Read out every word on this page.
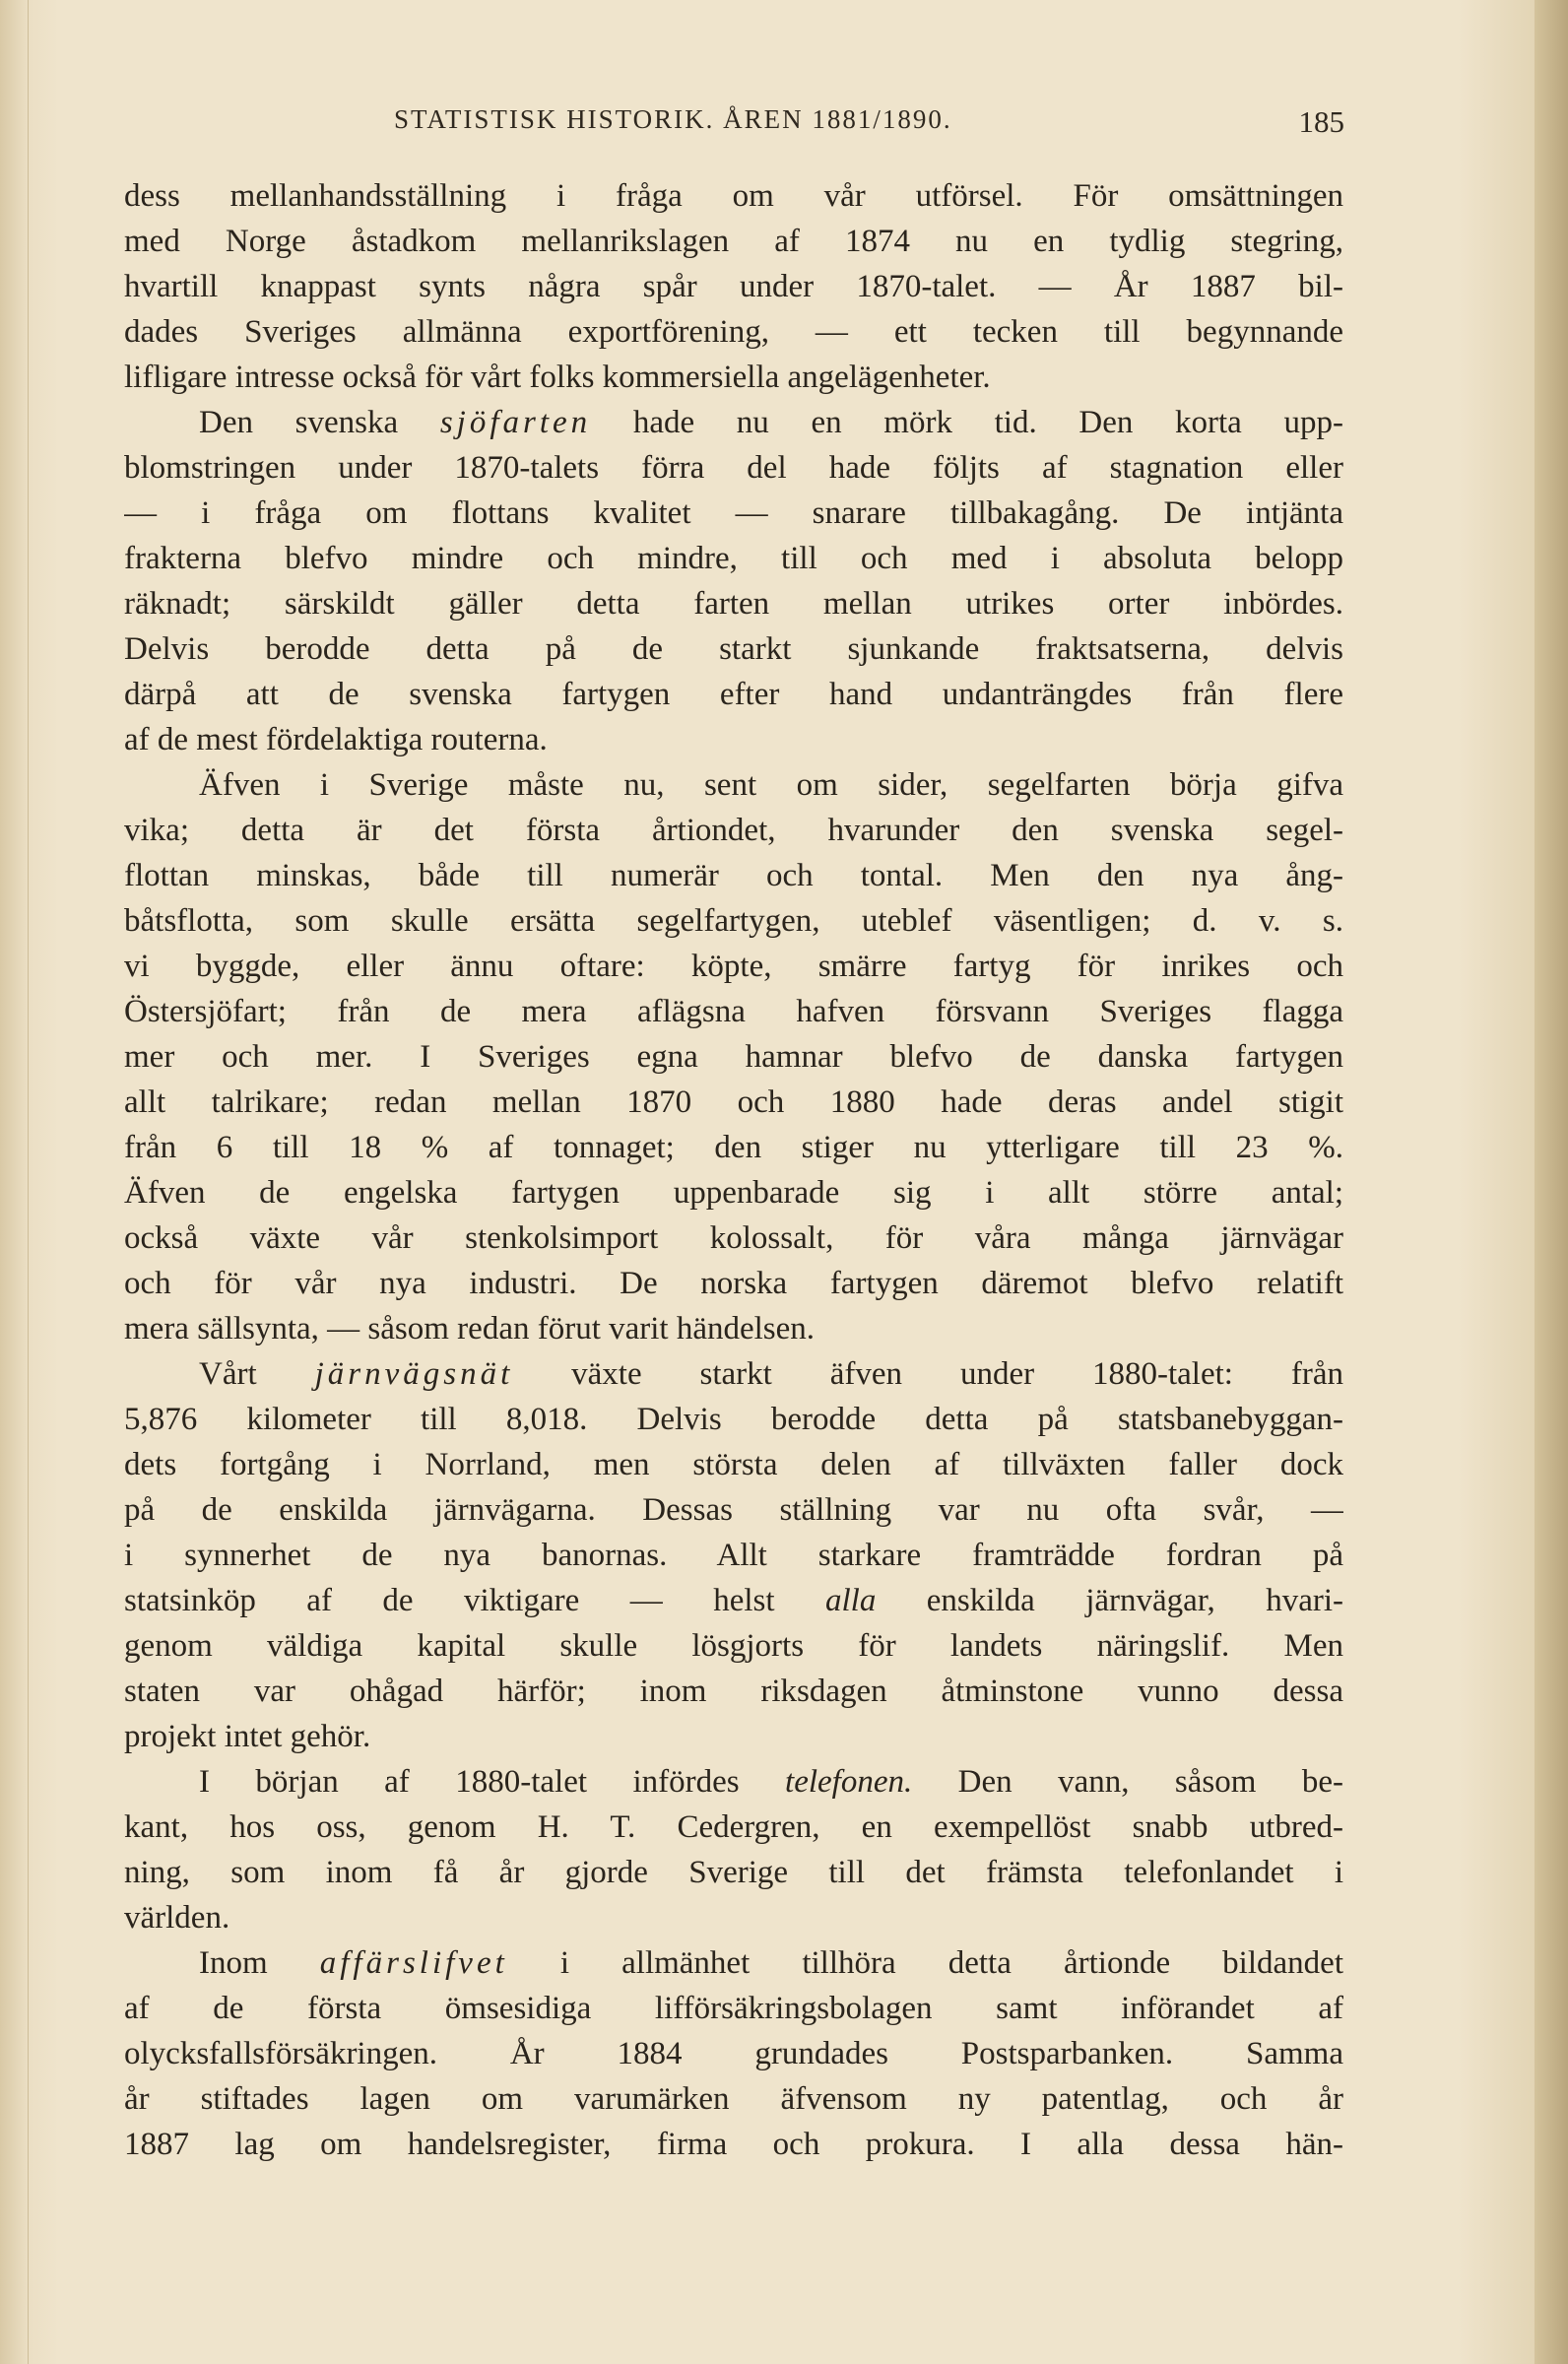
STATISTISK HISTORIK. ÅREN 1881/1890.	185
dess mellanhandsställning i fråga om vår utförsel. För omsättningen
med Norge åstadkom mellanrikslagen af 1874 nu en tydlig stegring,
hvartill knappast synts några spår under 1870-talet. — År 1887 bil-
dades Sveriges allmänna exportförening, — ett tecken till begynnande
lifligare intresse också för vårt folks kommersiella angelägenheter.
Den svenska sjöfarten hade nu en mörk tid. Den korta upp-
blomstringen under 1870-talets förra del hade följts af stagnation eller
— i fråga om flottans kvalitet — snarare tillbakagång. De intjänta
frakterna blefvo mindre och mindre, till och med i absoluta belopp
räknadt; särskildt gäller detta farten mellan utrikes orter inbördes.
Delvis berodde detta på de starkt sjunkande fraktsatserna, delvis
därpå att de svenska fartygen efter hand undanträngdes från flere
af de mest fördelaktiga routerna.
Äfven i Sverige måste nu, sent om sider, segelfarten börja gifva
vika; detta är det första årtiondet, hvarunder den svenska segel-
flottan minskas, både till numerär och tontal. Men den nya ång-
båtsflotta, som skulle ersätta segelfartygen, uteblef väsentligen; d. v. s.
vi byggde, eller ännu oftare: köpte, smärre fartyg för inrikes och
Östersjöfart; från de mera aflägsna hafven försvann Sveriges flagga
mer och mer. I Sveriges egna hamnar blefvo de danska fartygen
allt talrikare; redan mellan 1870 och 1880 hade deras andel stigit
från 6 till 18 % af tonnaget; den stiger nu ytterligare till 23 %.
Äfven de engelska fartygen uppenbarade sig i allt större antal;
också växte vår stenkolsimport kolossalt, för våra många järnvägar
och för vår nya industri. De norska fartygen däremot blefvo relatift
mera sällsynta, — såsom redan förut varit händelsen.
Vårt järnvägsnät växte starkt äfven under 1880-talet: från
5,876 kilometer till 8,018. Delvis berodde detta på statsbanebyggan-
dets fortgång i Norrland, men största delen af tillväxten faller dock
på de enskilda järnvägarna. Dessas ställning var nu ofta svår, —
i synnerhet de nya banornas. Allt starkare framträdde fordran på
statsinköp af de viktigare — helst alla enskilda järnvägar, hvari-
genom väldiga kapital skulle lösgjorts för landets näringslif. Men
staten var ohågad härför; inom riksdagen åtminstone vunno dessa
projekt intet gehör.
I början af 1880-talet infördes telefonen. Den vann, såsom be-
kant, hos oss, genom H. T. Cedergren, en exempellöst snabb utbred-
ning, som inom få år gjorde Sverige till det främsta telefonlandet i
världen.
Inom affärslifvet i allmänhet tillhöra detta årtionde bildandet
af de första ömsesidiga lifförsäkringsbolagen samt införandet af
olycksfallsförsäkringen. År 1884 grundades Postsparbanken. Samma
år stiftades lagen om varumärken äfvensom ny patentlag, och år
1887 lag om handelsregister, firma och prokura. I alla dessa hän-
